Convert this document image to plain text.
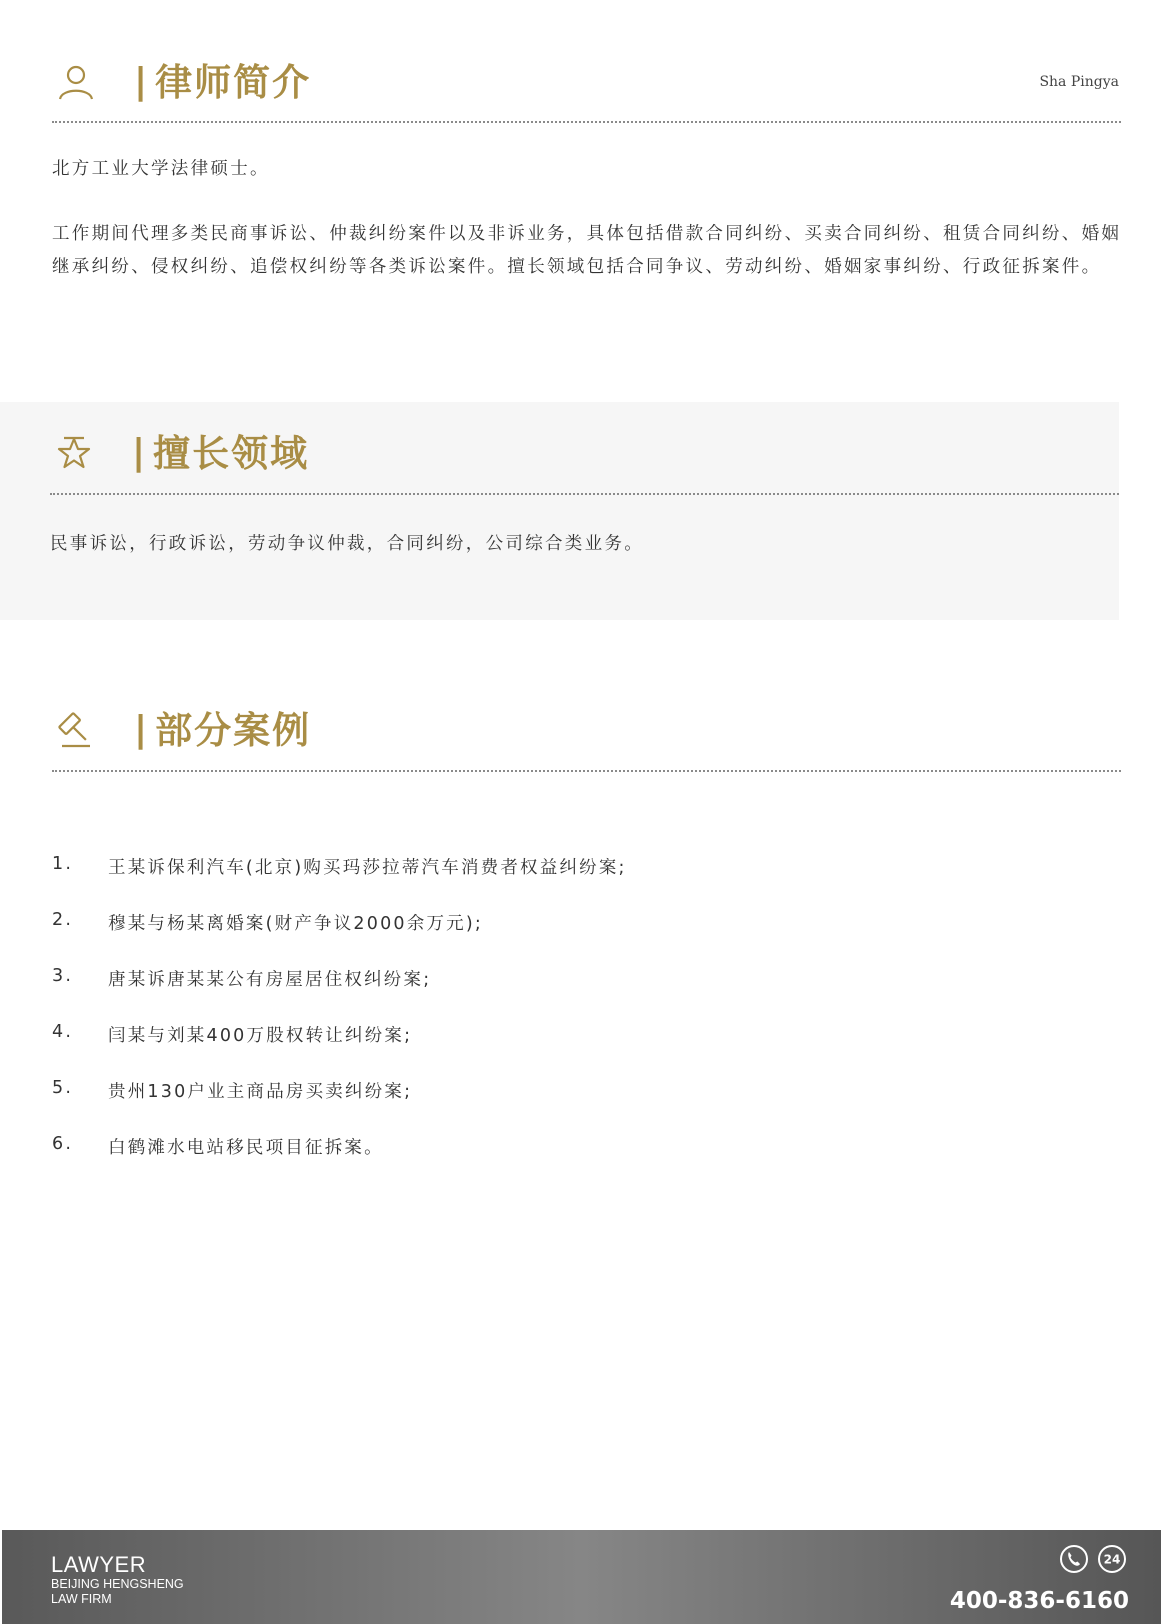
| 律师简介	Sha Pingya

北方工业大学法律硕士。

工作期间代理多类民商事诉讼、仲裁纠纷案件以及非诉业务，具体包括借款合同纠纷、买卖合同纠纷、租赁合同纠纷、婚姻继承纠纷、侵权纠纷、追偿权纠纷等各类诉讼案件。擅长领域包括合同争议、劳动纠纷、婚姻家事纠纷、行政征拆案件。

| 擅长领域

民事诉讼，行政诉讼，劳动争议仲裁，合同纠纷，公司综合类业务。

| 部分案例
1.	王某诉保利汽车(北京)购买玛莎拉蒂汽车消费者权益纠纷案;
2.	穆某与杨某离婚案(财产争议2000余万元);
3.	唐某诉唐某某公有房屋居住权纠纷案;
4.	闫某与刘某400万股权转让纠纷案;
5.	贵州130户业主商品房买卖纠纷案;
6.	白鹤滩水电站移民项目征拆案。
LAWYER
BEIJING HENGSHENG
LAW FIRM
24
400-836-6160
